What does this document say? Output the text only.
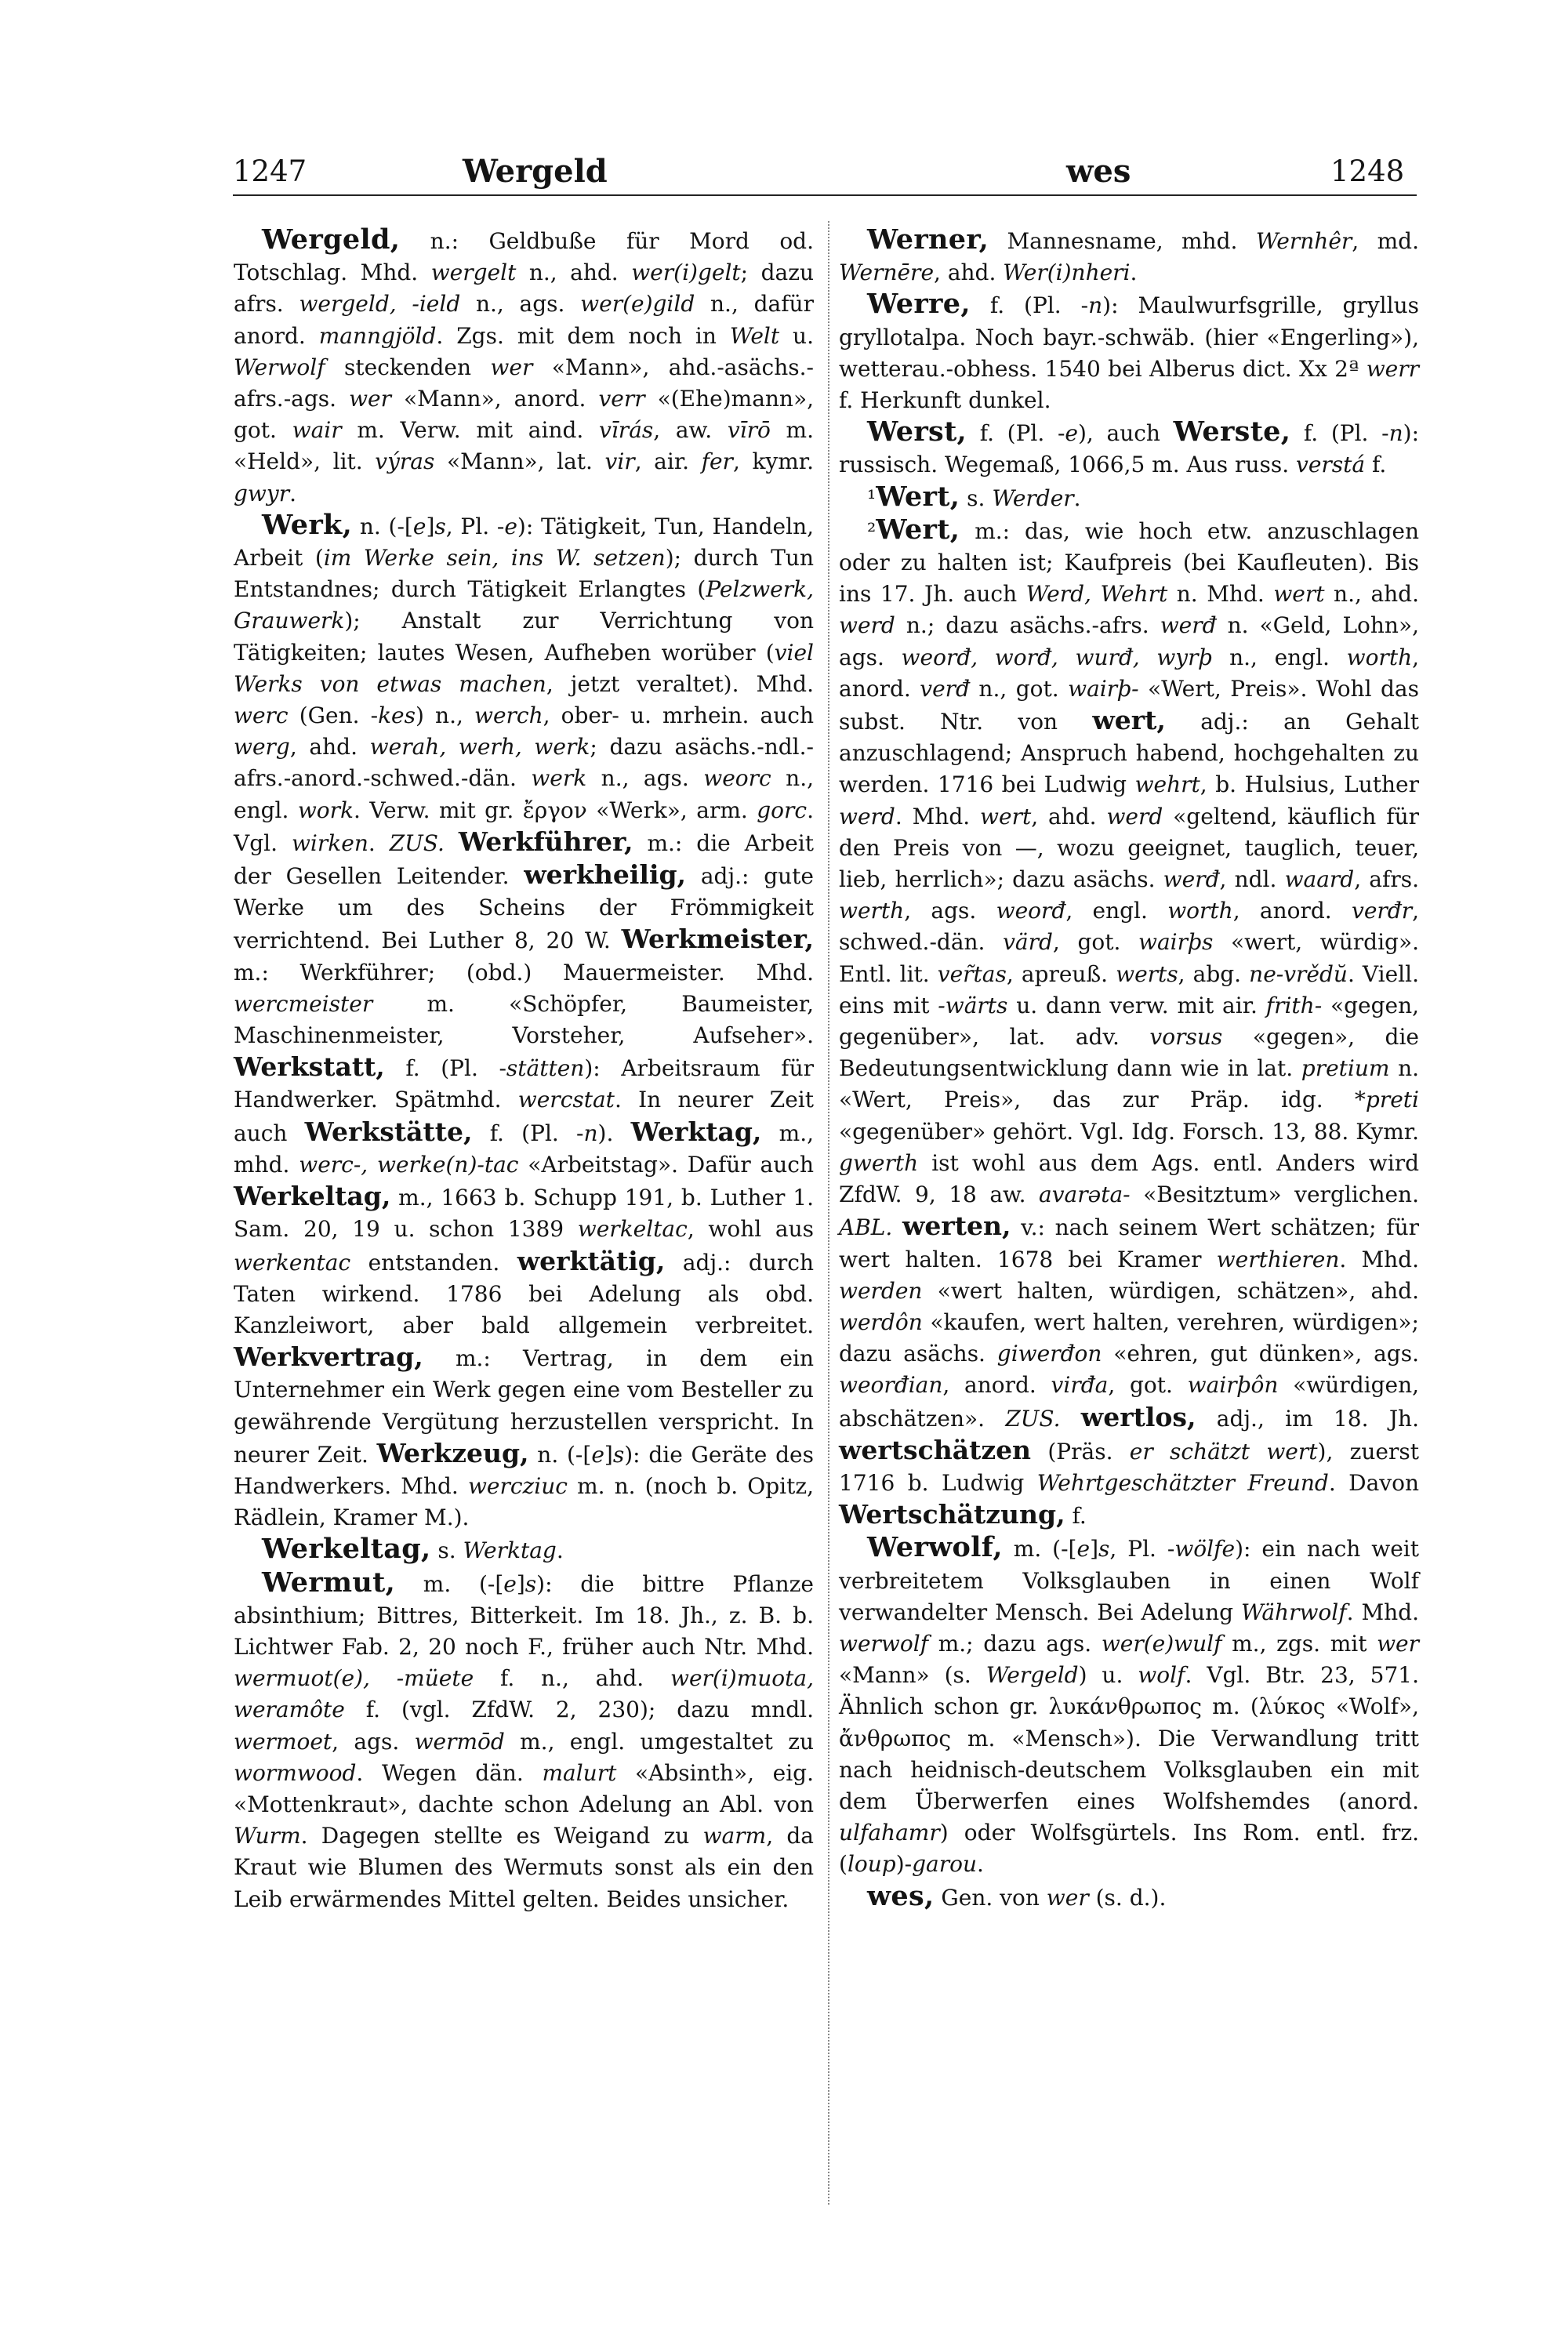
1247	Wergeld	wes	1248

Wergeld, n.: Geldbuße für Mord od. Totschlag. Mhd. wergelt n., ahd. wer(i)gelt; dazu afrs. wergeld, -ield n., ags. wer(e)gild n., dafür anord. manngjöld. Zgs. mit dem noch in Welt u. Werwolf steckenden wer «Mann», ahd.-asächs.-afrs.-ags. wer «Mann», anord. verr «(Ehe)mann», got. wair m. Verw. mit aind. vīrás, aw. vīrō m. «Held», lit. výras «Mann», lat. vir, air. fer, kymr. gwyr.

Werk, n. (-[e]s, Pl. -e): Tätigkeit, Tun, Handeln, Arbeit (im Werke sein, ins W. setzen); durch Tun Entstandnes; durch Tätigkeit Erlangtes (Pelzwerk, Grauwerk); Anstalt zur Verrichtung von Tätigkeiten; lautes Wesen, Aufheben worüber (viel Werks von etwas machen, jetzt veraltet). Mhd. werc (Gen. -kes) n., werch, ober- u. mrhein. auch werg, ahd. werah, werh, werk; dazu asächs.-ndl.-afrs.-anord.-schwed.-dän. werk n., ags. weorc n., engl. work. Verw. mit gr. ἔργον «Werk», arm. gorc. Vgl. wirken. ZUS. Werkführer, m.: die Arbeit der Gesellen Leitender. werkheilig, adj.: gute Werke um des Scheins der Frömmigkeit verrichtend. Bei Luther 8, 20 W. Werkmeister, m.: Werkführer; (obd.) Mauermeister. Mhd. wercmeister m. «Schöpfer, Baumeister, Maschinenmeister, Vorsteher, Aufseher». Werkstatt, f. (Pl. -stätten): Arbeitsraum für Handwerker. Spätmhd. wercstat. In neurer Zeit auch Werkstätte, f. (Pl. -n). Werktag, m., mhd. werc-, werke(n)-tac «Arbeitstag». Dafür auch Werkeltag, m., 1663 b. Schupp 191, b. Luther 1. Sam. 20, 19 u. schon 1389 werkeltac, wohl aus werkentac entstanden. werktätig, adj.: durch Taten wirkend. 1786 bei Adelung als obd. Kanzleiwort, aber bald allgemein verbreitet. Werkvertrag, m.: Vertrag, in dem ein Unternehmer ein Werk gegen eine vom Besteller zu gewährende Vergütung herzustellen verspricht. In neurer Zeit. Werkzeug, n. (-[e]s): die Geräte des Handwerkers. Mhd. wercziuc m. n. (noch b. Opitz, Rädlein, Kramer M.).

Werkeltag, s. Werktag.

Wermut, m. (-[e]s): die bittre Pflanze absinthium; Bittres, Bitterkeit. Im 18. Jh., z. B. b. Lichtwer Fab. 2, 20 noch F., früher auch Ntr. Mhd. wermuot(e), -müete f. n., ahd. wer(i)muota, weramôte f. (vgl. ZfdW. 2, 230); dazu mndl. wermoet, ags. wermōd m., engl. umgestaltet zu wormwood. Wegen dän. malurt «Absinth», eig. «Mottenkraut», dachte schon Adelung an Abl. von Wurm. Dagegen stellte es Weigand zu warm, da Kraut wie Blumen des Wermuts sonst als ein den Leib erwärmendes Mittel gelten. Beides unsicher.

Werner, Mannesname, mhd. Wernhêr, md. Wernēre, ahd. Wer(i)nheri.

Werre, f. (Pl. -n): Maulwurfsgrille, gryllus gryllotalpa. Noch bayr.-schwäb. (hier «Engerling»), wetterau.-obhess. 1540 bei Alberus dict. Xx 2ª werr f. Herkunft dunkel.

Werst, f. (Pl. -e), auch Werste, f. (Pl. -n): russisch. Wegemaß, 1066,5 m. Aus russ. verstá f.

¹Wert, s. Werder.

²Wert, m.: das, wie hoch etw. anzuschlagen oder zu halten ist; Kaufpreis (bei Kaufleuten). Bis ins 17. Jh. auch Werd, Wehrt n. Mhd. wert n., ahd. werd n.; dazu asächs.-afrs. werđ n. «Geld, Lohn», ags. weorđ, worđ, wurđ, wyrþ n., engl. worth, anord. verđ n., got. wairþ- «Wert, Preis». Wohl das subst. Ntr. von wert, adj.: an Gehalt anzuschlagend; Anspruch habend, hochgehalten zu werden. 1716 bei Ludwig wehrt, b. Hulsius, Luther werd. Mhd. wert, ahd. werd «geltend, käuflich für den Preis von —, wozu geeignet, tauglich, teuer, lieb, herrlich»; dazu asächs. werđ, ndl. waard, afrs. werth, ags. weorđ, engl. worth, anord. verđr, schwed.-dän. värd, got. wairþs «wert, würdig». Entl. lit. ver̃tas, apreuß. werts, abg. ne-vrědŭ. Viell. eins mit -wärts u. dann verw. mit air. frith- «gegen, gegenüber», lat. adv. vorsus «gegen», die Bedeutungsentwicklung dann wie in lat. pretium n. «Wert, Preis», das zur Präp. idg. *preti «gegenüber» gehört. Vgl. Idg. Forsch. 13, 88. Kymr. gwerth ist wohl aus dem Ags. entl. Anders wird ZfdW. 9, 18 aw. avarəta- «Besitztum» verglichen. ABL. werten, v.: nach seinem Wert schätzen; für wert halten. 1678 bei Kramer werthieren. Mhd. werden «wert halten, würdigen, schätzen», ahd. werdôn «kaufen, wert halten, verehren, würdigen»; dazu asächs. giwerđon «ehren, gut dünken», ags. weorđian, anord. virđa, got. wairþôn «würdigen, abschätzen». ZUS. wertlos, adj., im 18. Jh. wertschätzen (Präs. er schätzt wert), zuerst 1716 b. Ludwig Wehrtgeschätzter Freund. Davon Wertschätzung, f.

Werwolf, m. (-[e]s, Pl. -wölfe): ein nach weit verbreitetem Volksglauben in einen Wolf verwandelter Mensch. Bei Adelung Währwolf. Mhd. werwolf m.; dazu ags. wer(e)wulf m., zgs. mit wer «Mann» (s. Wergeld) u. wolf. Vgl. Btr. 23, 571. Ähnlich schon gr. λυκάνθρωπος m. (λύκος «Wolf», ἄνθρωπος m. «Mensch»). Die Verwandlung tritt nach heidnisch-deutschem Volksglauben ein mit dem Überwerfen eines Wolfshemdes (anord. ulfahamr) oder Wolfsgürtels. Ins Rom. entl. frz. (loup)-garou.

wes, Gen. von wer (s. d.).
